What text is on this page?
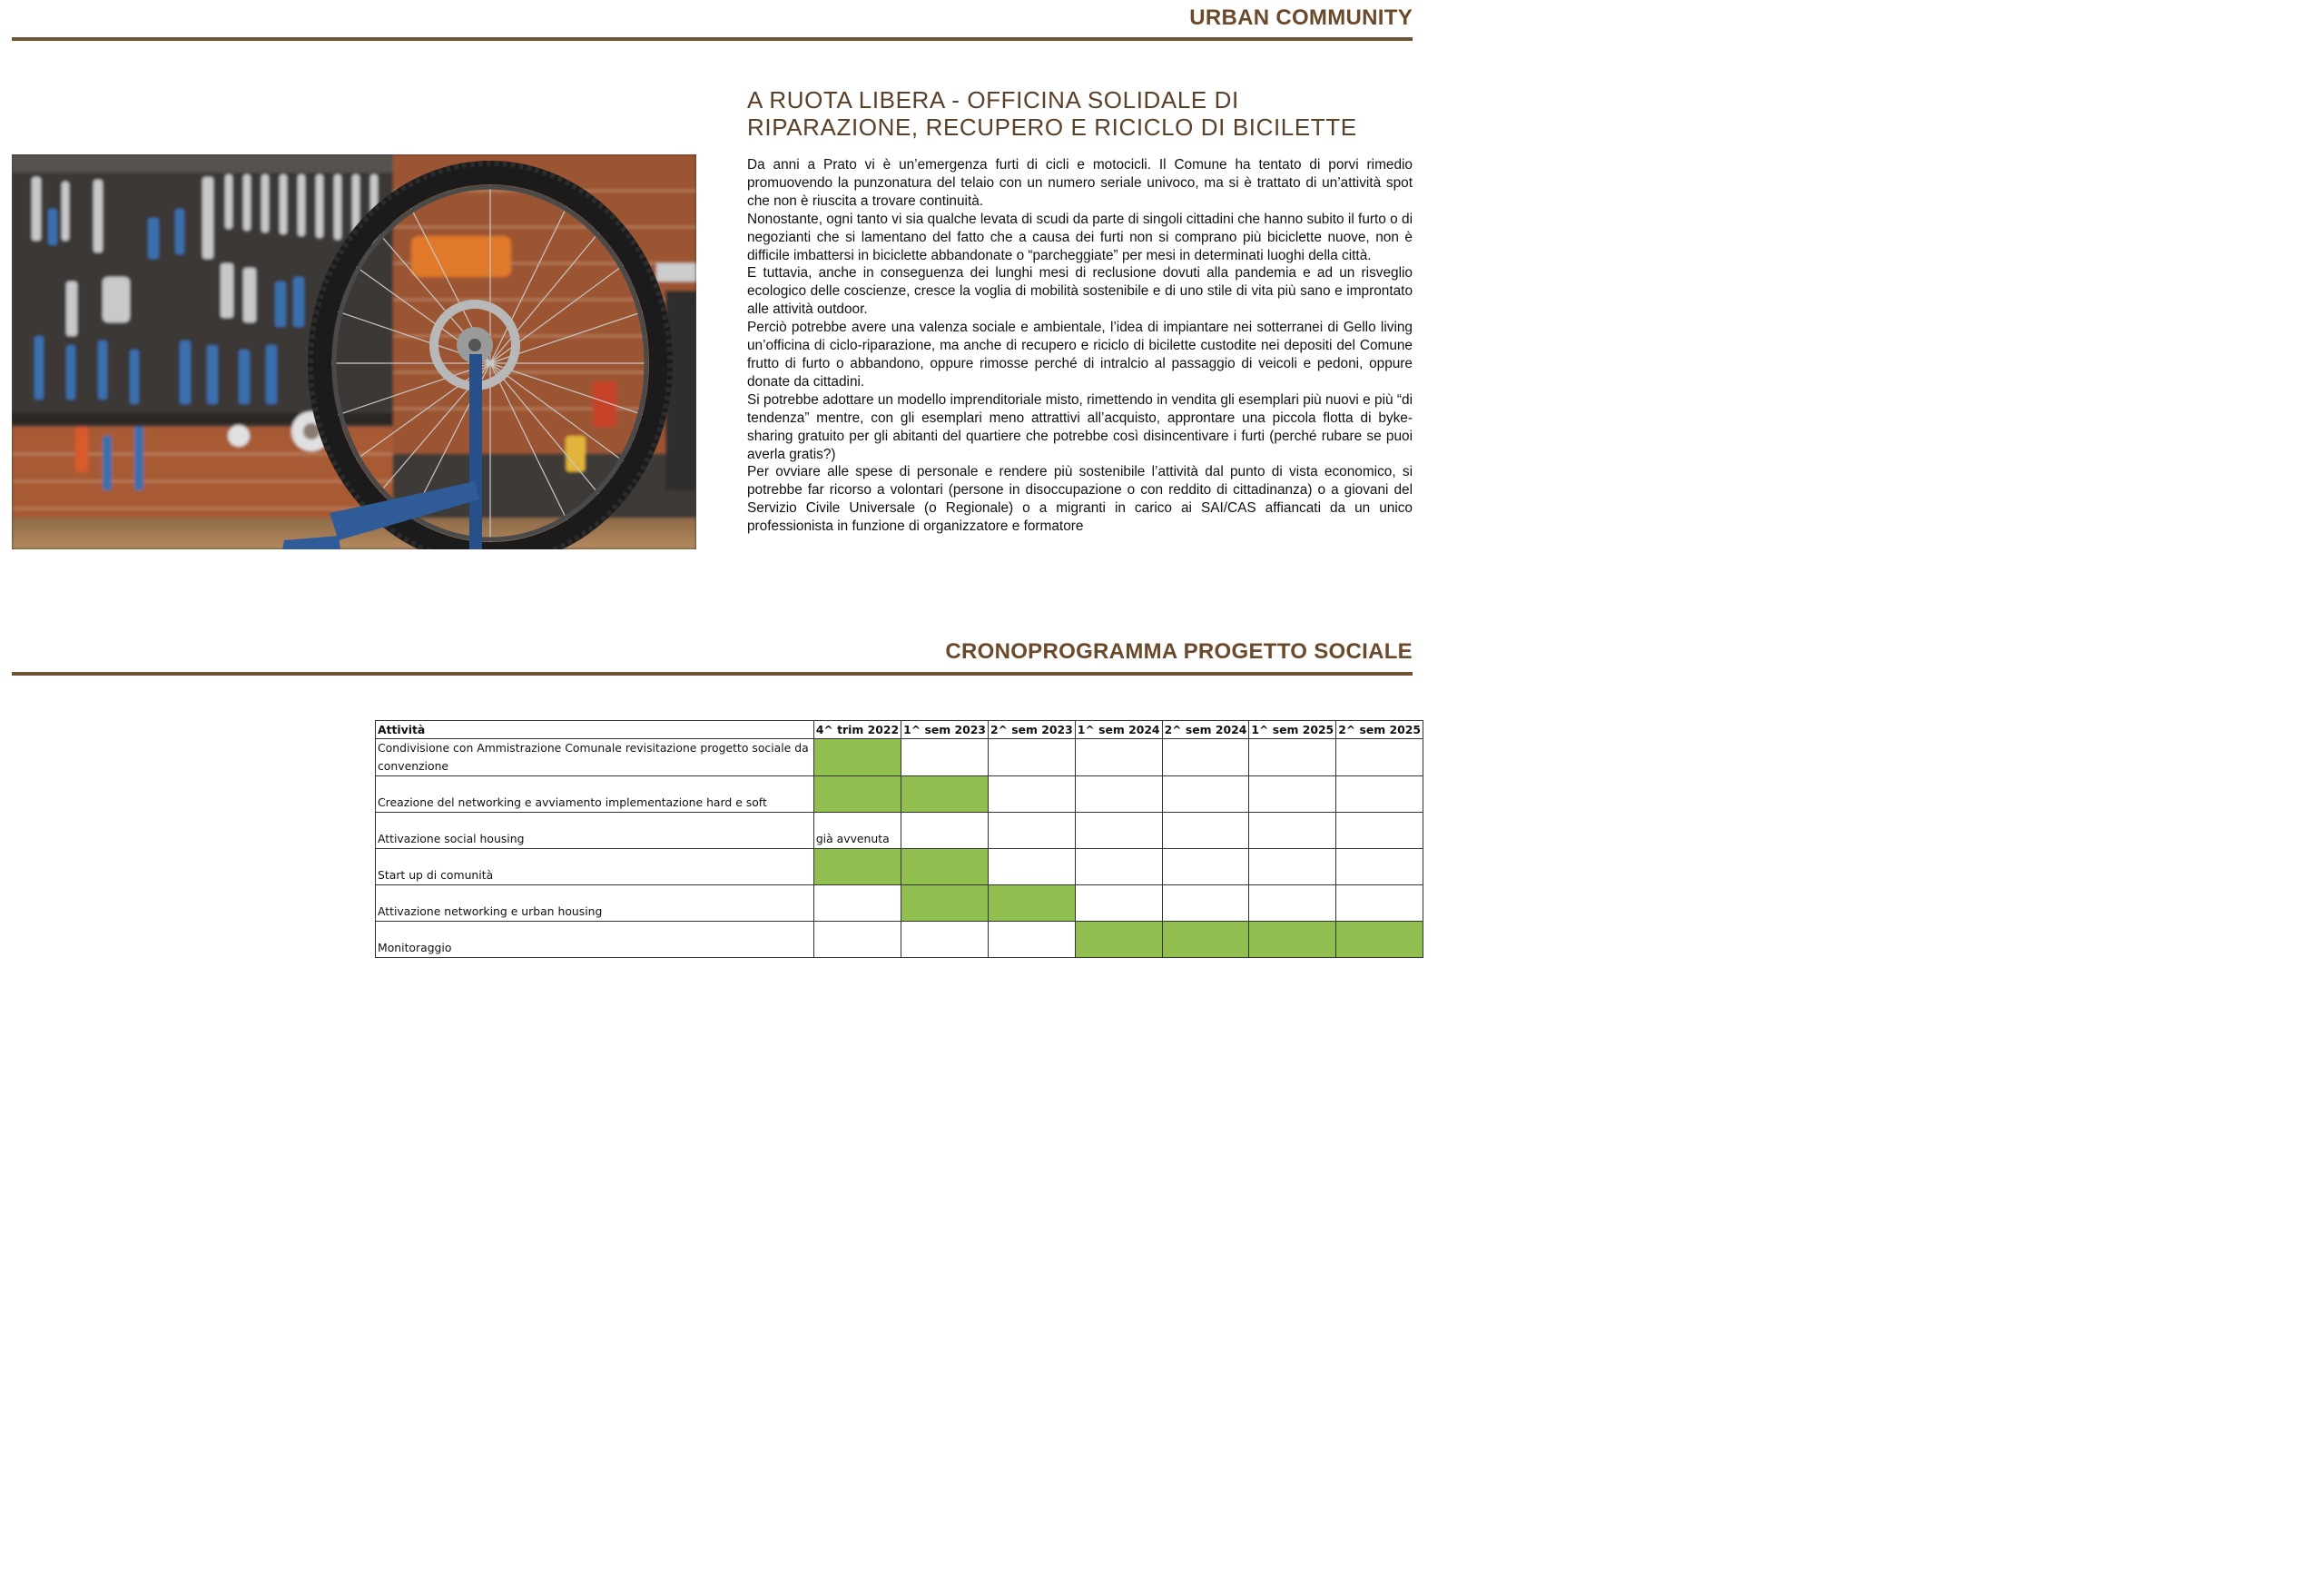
URBAN COMMUNITY
A RUOTA LIBERA - OFFICINA SOLIDALE DI RIPARAZIONE, RECUPERO E RICICLO DI BICILETTE

Da anni a Prato vi è un’emergenza furti di cicli e motocicli. Il Comune ha tentato di porvi rimedio promuovendo la punzonatura del telaio con un numero seriale univoco, ma si è trattato di un’attività spot che non è riuscita a trovare continuità.

Nonostante, ogni tanto vi sia qualche levata di scudi da parte di singoli cittadini che hanno subito il furto o di negozianti che si lamentano del fatto che a causa dei furti non si comprano più biciclette nuove, non è difficile imbattersi in biciclette abbandonate o “parcheggiate” per mesi in determinati luoghi della città.

E tuttavia, anche in conseguenza dei lunghi mesi di reclusione dovuti alla pandemia e ad un risveglio ecologico delle coscienze, cresce la voglia di mobilità sostenibile e di uno stile di vita più sano e improntato alle attività outdoor.

Perciò potrebbe avere una valenza sociale e ambientale, l’idea di impiantare nei sotterranei di Gello living un’officina di ciclo-riparazione, ma anche di recupero e riciclo di bicilette custodite nei depositi del Comune frutto di furto o abbandono, oppure rimosse perché di intralcio al passaggio di veicoli e pedoni, oppure donate da cittadini.

Si potrebbe adottare un modello imprenditoriale misto, rimettendo in vendita gli esemplari più nuovi e più “di tendenza” mentre, con gli esemplari meno attrattivi all’acquisto, approntare una piccola flotta di byke-sharing gratuito per gli abitanti del quartiere che potrebbe così disincentivare i furti (perché rubare se puoi averla gratis?)

Per ovviare alle spese di personale e rendere più sostenibile l’attività dal punto di vista economico, si potrebbe far ricorso a volontari (persone in disoccupazione o con reddito di cittadinanza) o a giovani del Servizio Civile Universale (o Regionale) o a migranti in carico ai SAI/CAS affiancati da un unico professionista in funzione di organizzatore e formatore

CRONOPROGRAMMA PROGETTO SOCIALE
Attività	4^ trim 2022	1^ sem 2023	2^ sem 2023	1^ sem 2024	2^ sem 2024	1^ sem 2025	2^ sem 2025
Condivisione con Ammistrazione Comunale revisitazione progetto sociale da convenzione							
Creazione del networking e avviamento implementazione hard e soft							
Attivazione social housing	già avvenuta						
Start up di comunità							
Attivazione networking e urban housing							
Monitoraggio							
